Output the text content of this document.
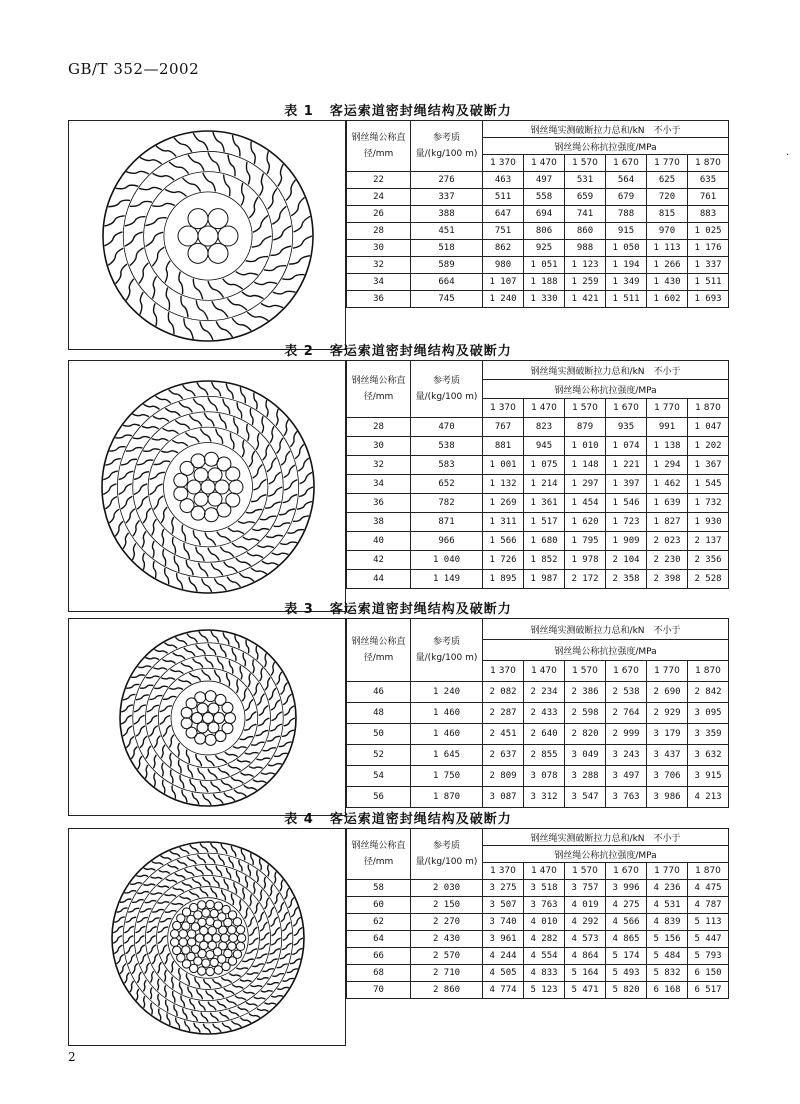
GB/T 352—2002
·
表 1 客运索道密封绳结构及破断力
钢丝绳公称直径/mm	参考质量/(kg/100 m)	钢丝绳实测破断拉力总和/kN　不小于					
		钢丝绳公称抗拉强度/MPa					
		1 370	1 470	1 570	1 670	1 770	1 870
22	276	463	497	531	564	625	635
24	337	511	558	659	679	720	761
26	388	647	694	741	788	815	883
28	451	751	806	860	915	970	1 025
30	518	862	925	988	1 050	1 113	1 176
32	589	980	1 051	1 123	1 194	1 266	1 337
34	664	1 107	1 188	1 259	1 349	1 430	1 511
36	745	1 240	1 330	1 421	1 511	1 602	1 693
表 2 客运索道密封绳结构及破断力
钢丝绳公称直径/mm	参考质量/(kg/100 m)	钢丝绳实测破断拉力总和/kN　不小于					
		钢丝绳公称抗拉强度/MPa					
		1 370	1 470	1 570	1 670	1 770	1 870
28	470	767	823	879	935	991	1 047
30	538	881	945	1 010	1 074	1 138	1 202
32	583	1 001	1 075	1 148	1 221	1 294	1 367
34	652	1 132	1 214	1 297	1 397	1 462	1 545
36	782	1 269	1 361	1 454	1 546	1 639	1 732
38	871	1 311	1 517	1 620	1 723	1 827	1 930
40	966	1 566	1 680	1 795	1 909	2 023	2 137
42	1 040	1 726	1 852	1 978	2 104	2 230	2 356
44	1 149	1 895	1 987	2 172	2 358	2 398	2 528
表 3 客运索道密封绳结构及破断力
钢丝绳公称直径/mm	参考质量/(kg/100 m)	钢丝绳实测破断拉力总和/kN　不小于					
		钢丝绳公称抗拉强度/MPa					
		1 370	1 470	1 570	1 670	1 770	1 870
46	1 240	2 082	2 234	2 386	2 538	2 690	2 842
48	1 460	2 287	2 433	2 598	2 764	2 929	3 095
50	1 460	2 451	2 640	2 820	2 999	3 179	3 359
52	1 645	2 637	2 855	3 049	3 243	3 437	3 632
54	1 750	2 809	3 078	3 288	3 497	3 706	3 915
56	1 870	3 087	3 312	3 547	3 763	3 986	4 213
表 4 客运索道密封绳结构及破断力
钢丝绳公称直径/mm	参考质量/(kg/100 m)	钢丝绳实测破断拉力总和/kN　不小于					
		钢丝绳公称抗拉强度/MPa					
		1 370	1 470	1 570	1 670	1 770	1 870
58	2 030	3 275	3 518	3 757	3 996	4 236	4 475
60	2 150	3 507	3 763	4 019	4 275	4 531	4 787
62	2 270	3 740	4 010	4 292	4 566	4 839	5 113
64	2 430	3 961	4 282	4 573	4 865	5 156	5 447
66	2 570	4 244	4 554	4 864	5 174	5 484	5 793
68	2 710	4 505	4 833	5 164	5 493	5 832	6 150
70	2 860	4 774	5 123	5 471	5 820	6 168	6 517
2
